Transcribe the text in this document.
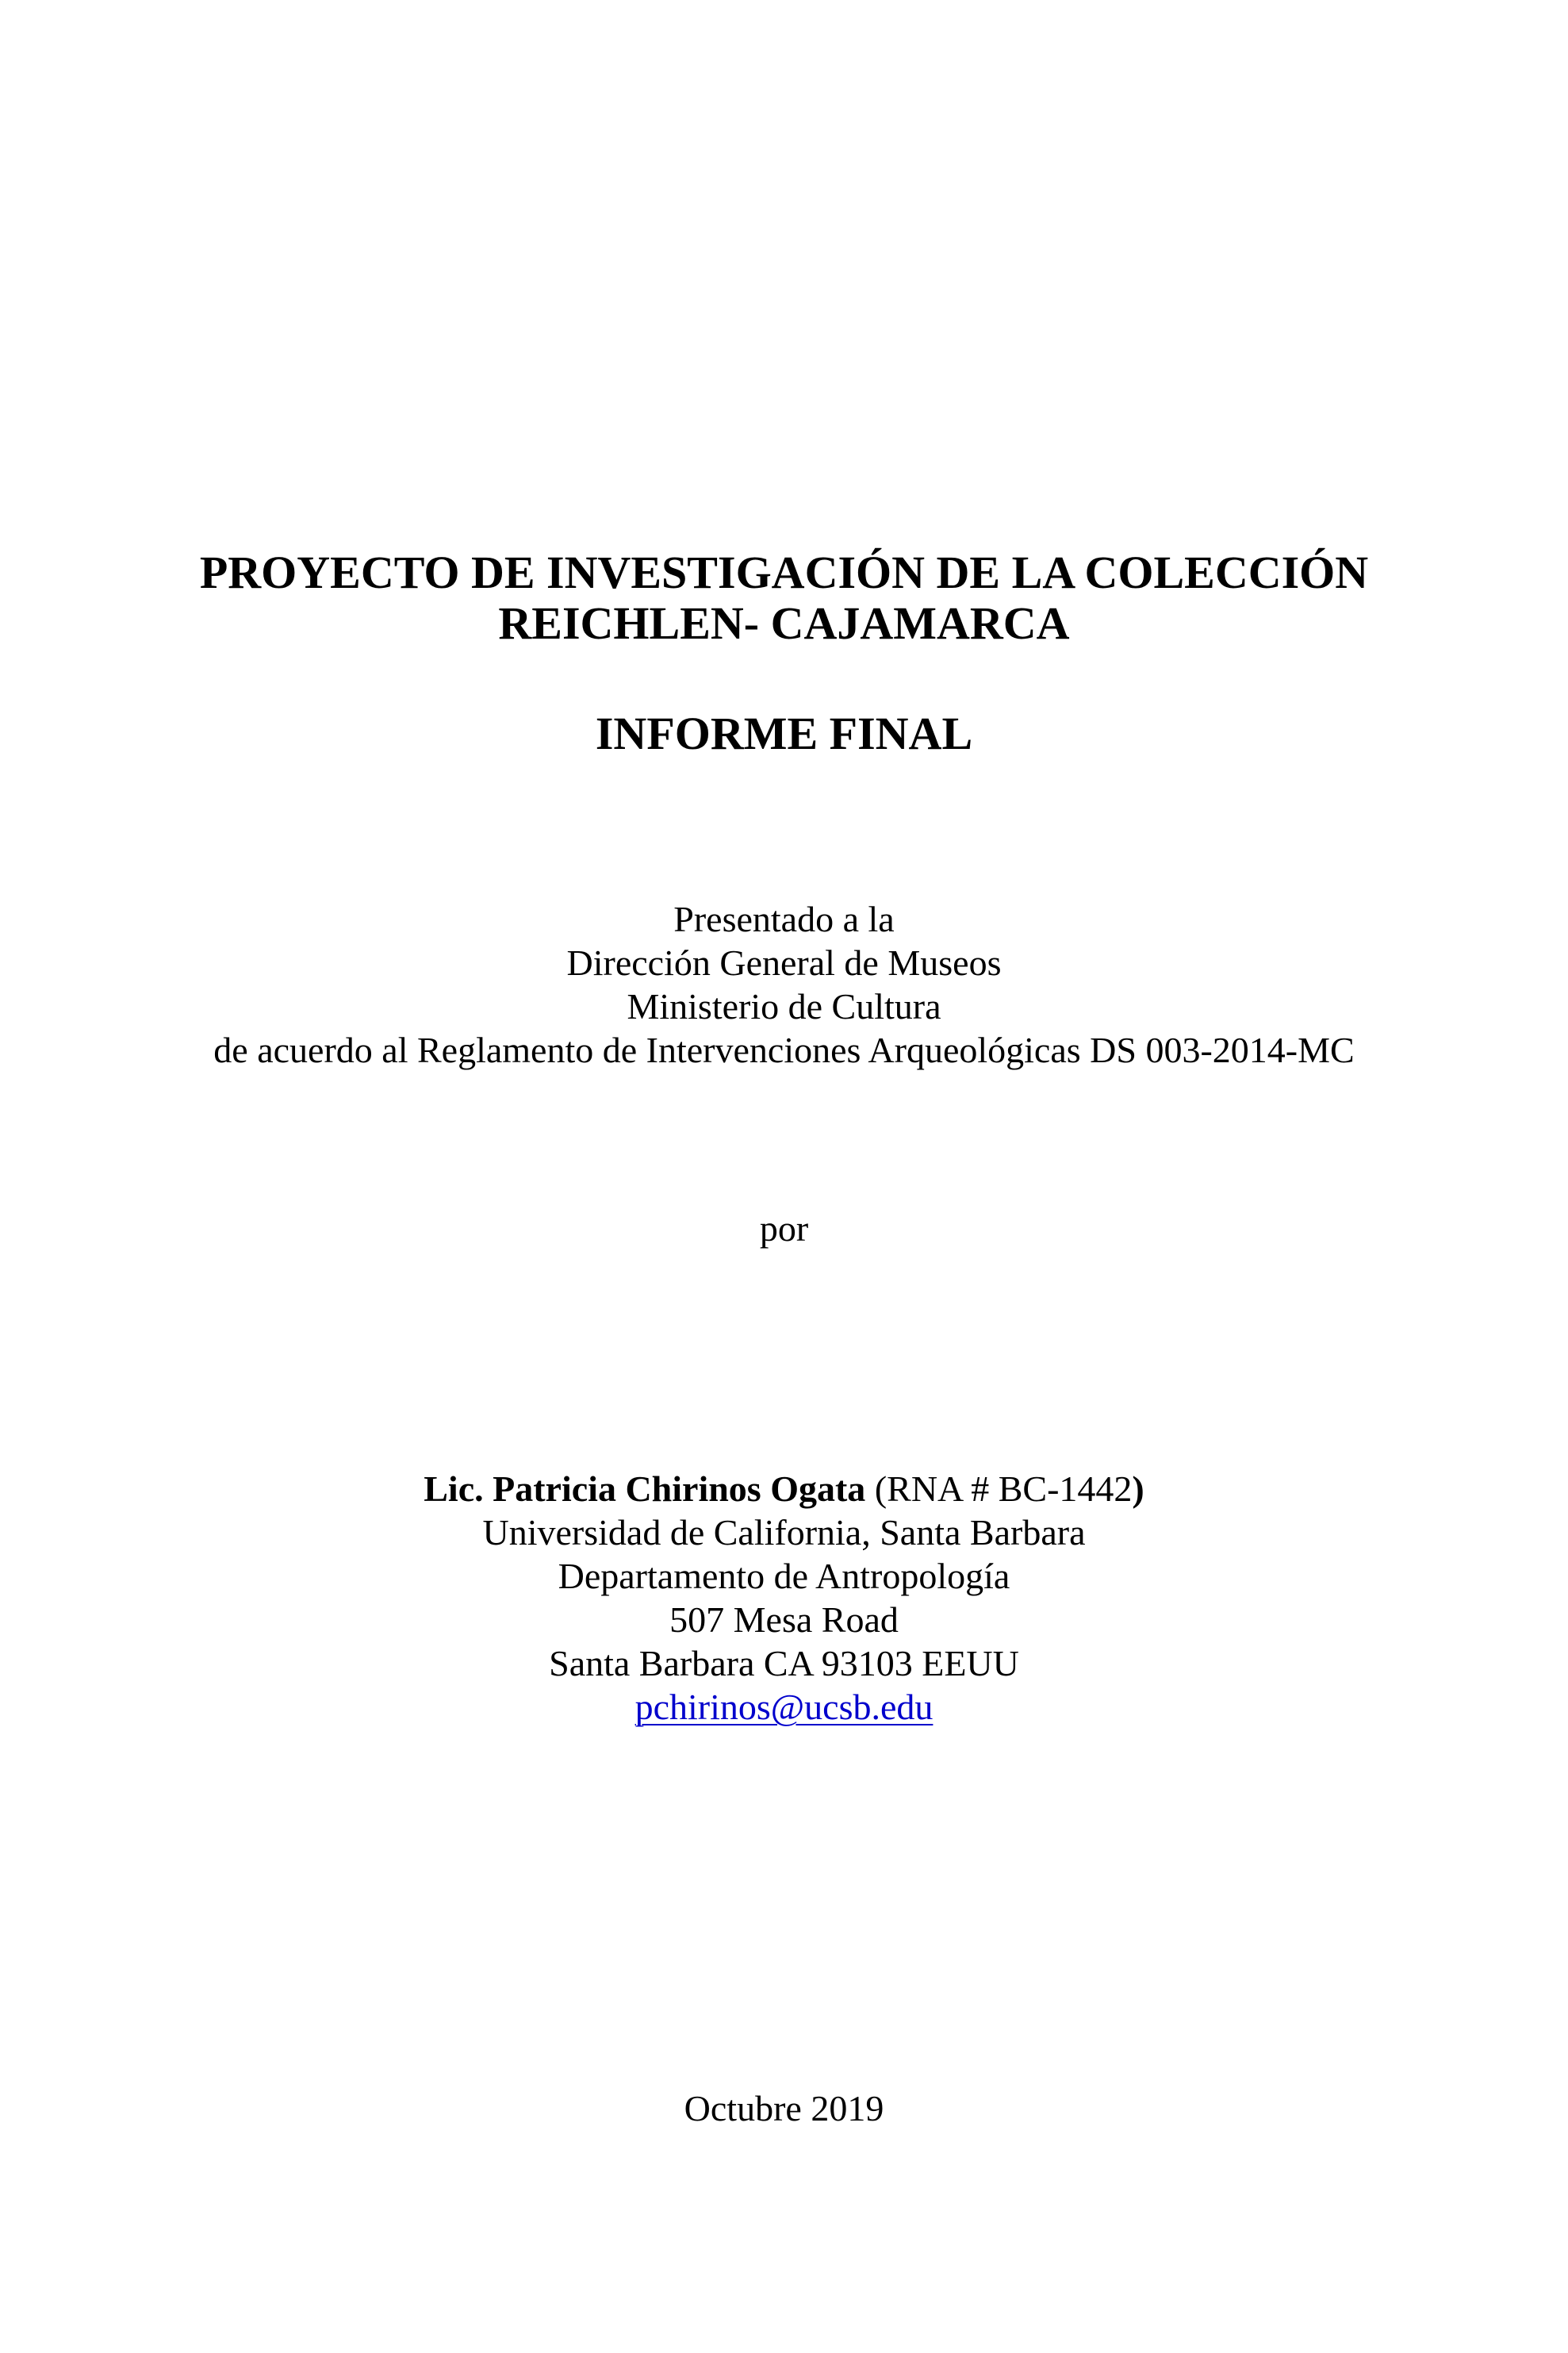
PROYECTO DE INVESTIGACIÓN DE LA COLECCIÓN
REICHLEN- CAJAMARCA
INFORME FINAL
Presentado a la
Dirección General de Museos
Ministerio de Cultura
de acuerdo al Reglamento de Intervenciones Arqueológicas DS 003-2014-MC
por
Lic. Patricia Chirinos Ogata (RNA # BC-1442)
Universidad de California, Santa Barbara
Departamento de Antropología
507 Mesa Road
Santa Barbara CA 93103 EEUU
pchirinos@ucsb.edu
Octubre 2019
